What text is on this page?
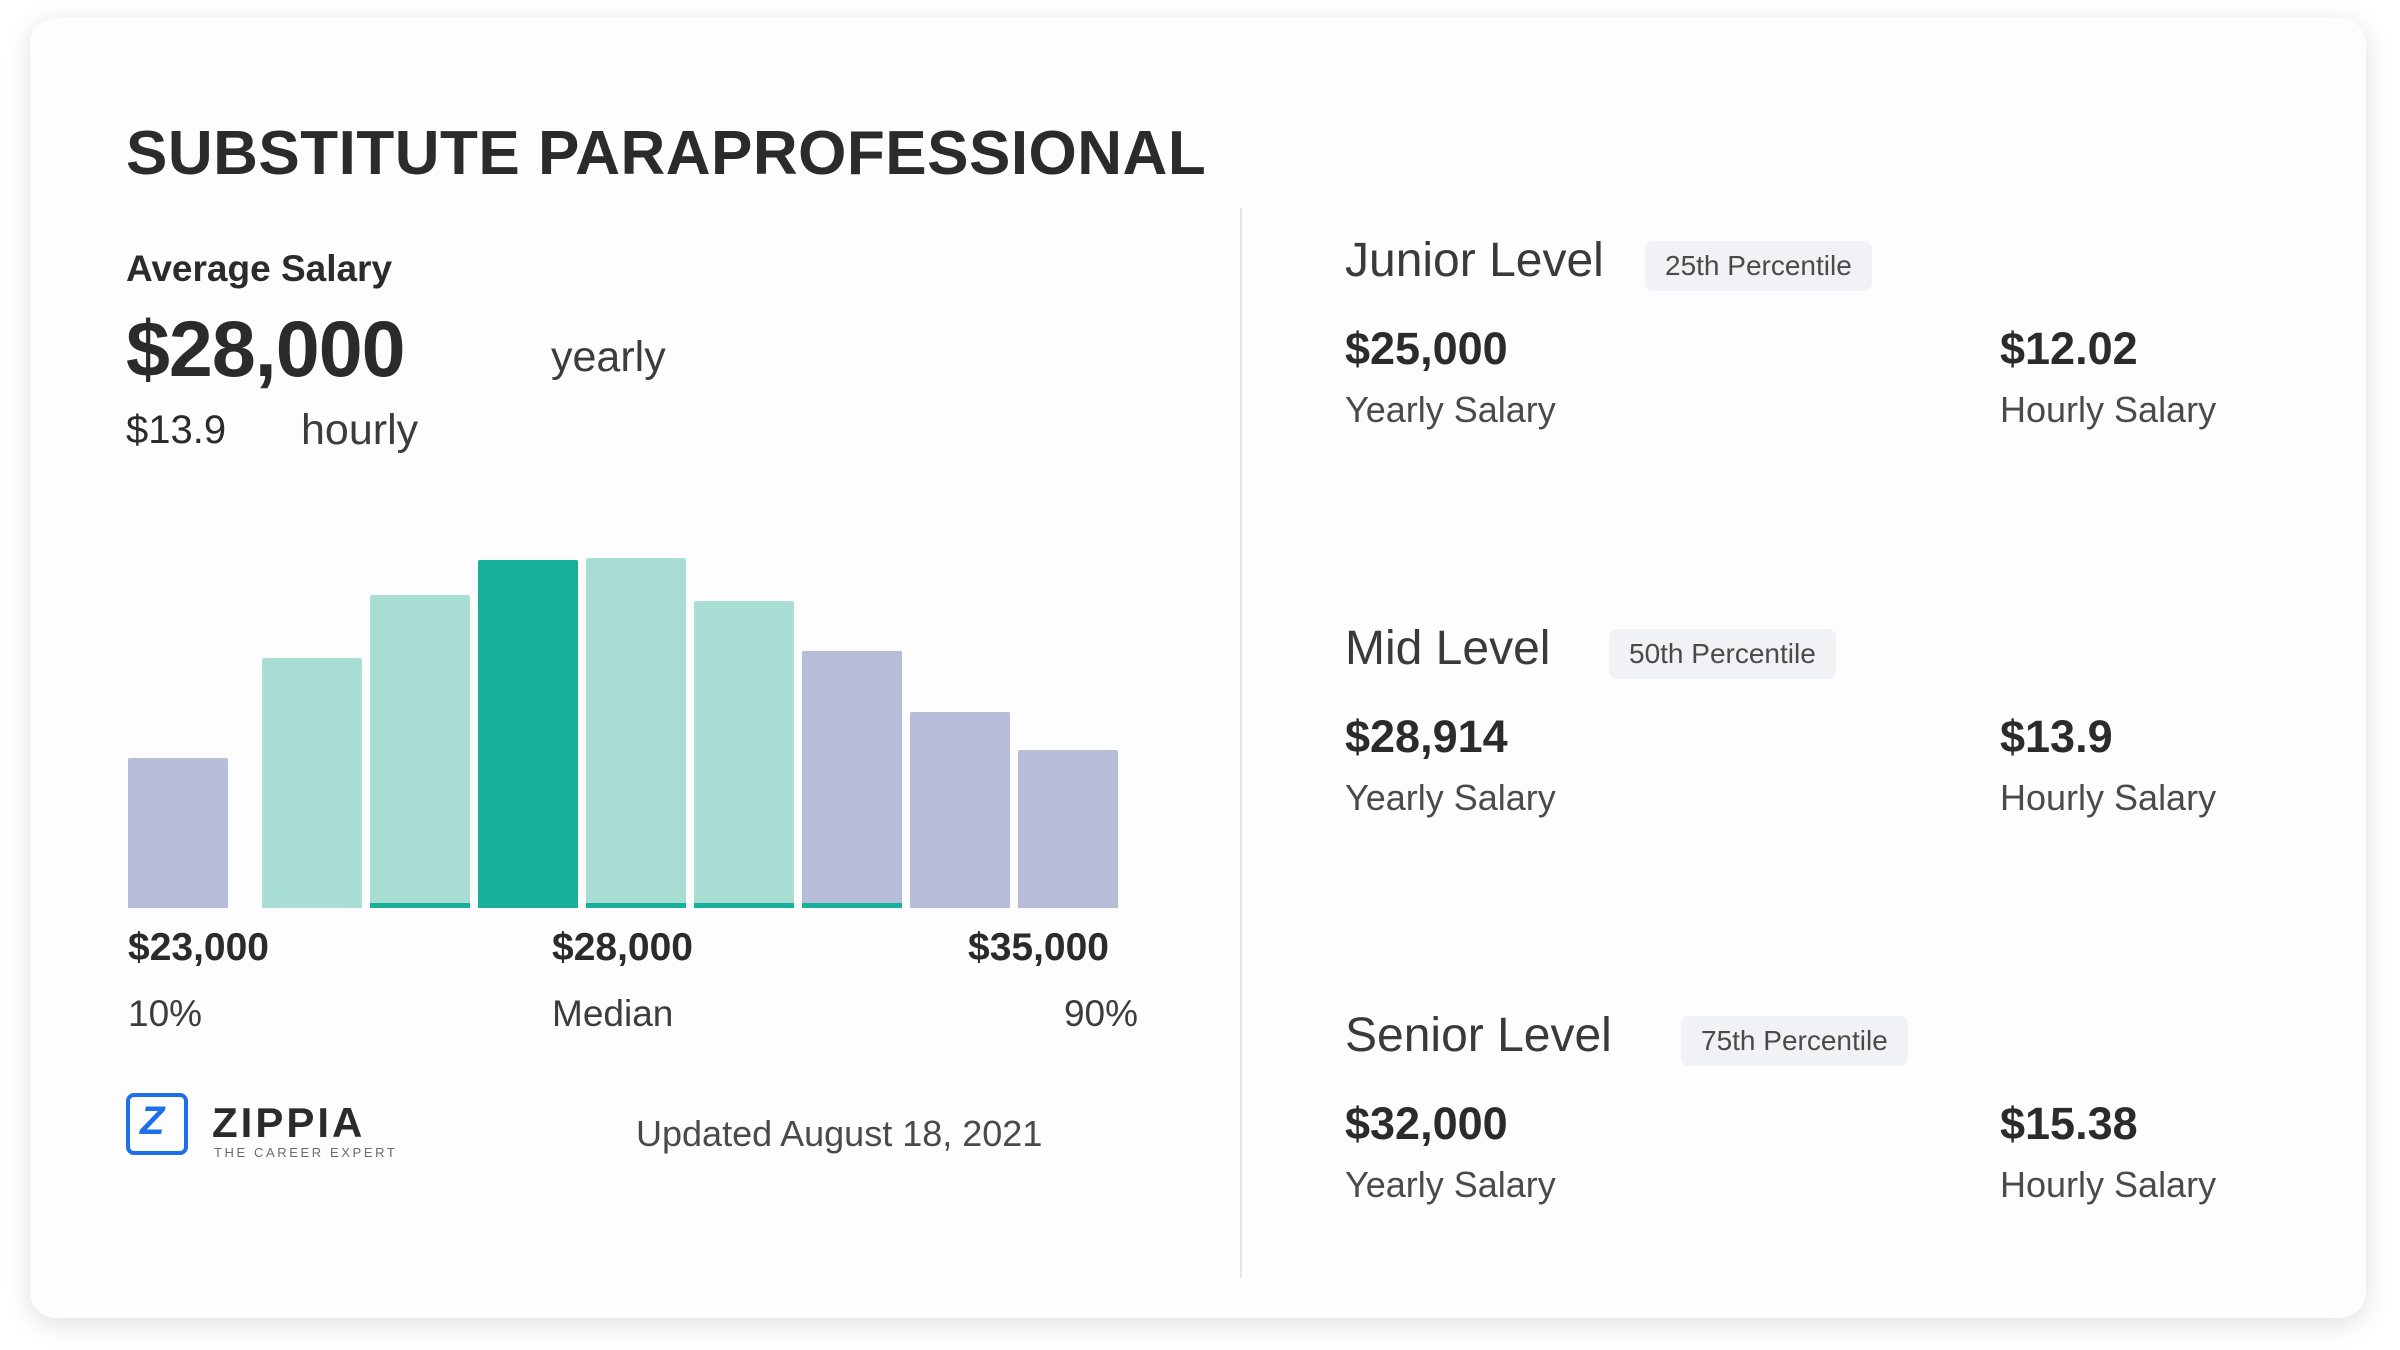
SUBSTITUTE PARAPROFESSIONAL
Average Salary
$28,000	yearly
$13.9 hourly
$23,000
10%
$28,000
Median
$35,000
90%
Z ZIPPIA
THE CAREER EXPERT	Updated August 18, 2021
Junior Level	25th Percentile
$25,000
Yearly Salary
$12.02
Hourly Salary
Mid Level	50th Percentile
$28,914
Yearly Salary
$13.9
Hourly Salary
Senior Level	75th Percentile
$32,000
Yearly Salary
$15.38
Hourly Salary
